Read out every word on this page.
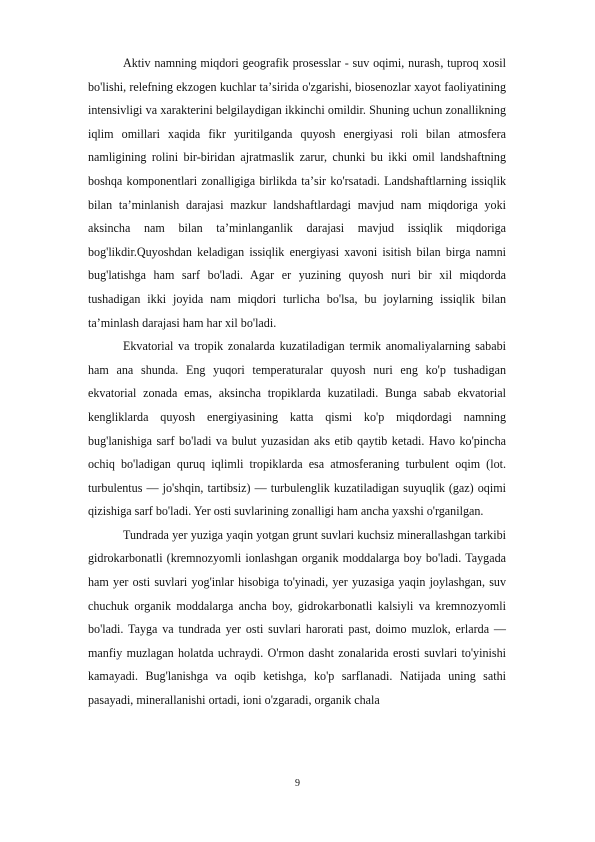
Aktiv namning miqdori geografik prosesslar - suv oqimi, nurash, tuproq xosil bo'lishi, relefning ekzogen kuchlar taʼsirida o'zgarishi, biosenozlar xayot faoliyatining intensivligi va xarakterini belgilaydigan ikkinchi omildir. Shuning uchun zonallikning iqlim omillari xaqida fikr yuritilganda quyosh energiyasi roli bilan atmosfera namligining rolini bir-biridan ajratmaslik zarur, chunki bu ikki omil landshaftning boshqa komponentlari zonalligiga birlikda taʼsir ko'rsatadi. Landshaftlarning issiqlik bilan taʼminlanish darajasi mazkur landshaftlardagi mavjud nam miqdoriga yoki aksincha nam bilan taʼminlanganlik darajasi mavjud issiqlik miqdoriga bog'likdir.Quyoshdan keladigan issiqlik energiyasi xavoni isitish bilan birga namni bug'latishga ham sarf bo'ladi. Agar er yuzining quyosh nuri bir xil miqdorda tushadigan ikki joyida nam miqdori turlicha bo'lsa, bu joylarning issiqlik bilan taʼminlash darajasi ham har xil bo'ladi.

Ekvatorial va tropik zonalarda kuzatiladigan termik anomaliyalarning sababi ham ana shunda. Eng yuqori temperaturalar quyosh nuri eng ko'p tushadigan ekvatorial zonada emas, aksincha tropiklarda kuzatiladi. Bunga sabab ekvatorial kengliklarda quyosh energiyasining katta qismi ko'p miqdordagi namning bug'lanishiga sarf bo'ladi va bulut yuzasidan aks etib qaytib ketadi. Havo ko'pincha ochiq bo'ladigan quruq iqlimli tropiklarda esa atmosferaning turbulent oqim (lot. turbulentus — jo'shqin, tartibsiz) — turbulenglik kuzatiladigan suyuqlik (gaz) oqimi qizishiga sarf bo'ladi. Yer osti suvlarining zonalligi ham ancha yaxshi o'rganilgan.

Tundrada yer yuziga yaqin yotgan grunt suvlari kuchsiz minerallashgan tarkibi gidrokarbonatli (kremnozyomli ionlashgan organik moddalarga boy bo'ladi. Taygada ham yer osti suvlari yog'inlar hisobiga to'yinadi, yer yuzasiga yaqin joylashgan, suv chuchuk organik moddalarga ancha boy, gidrokarbonatli kalsiyli va kremnozyomli bo'ladi. Tayga va tundrada yer osti suvlari harorati past, doimo muzlok, erlarda — manfiy muzlagan holatda uchraydi. O'rmon dasht zonalarida erosti suvlari to'yinishi kamayadi. Bug'lanishga va oqib ketishga, ko'p sarflanadi. Natijada uning sathi pasayadi, minerallanishi ortadi, ioni o'zgaradi, organik chala

9
